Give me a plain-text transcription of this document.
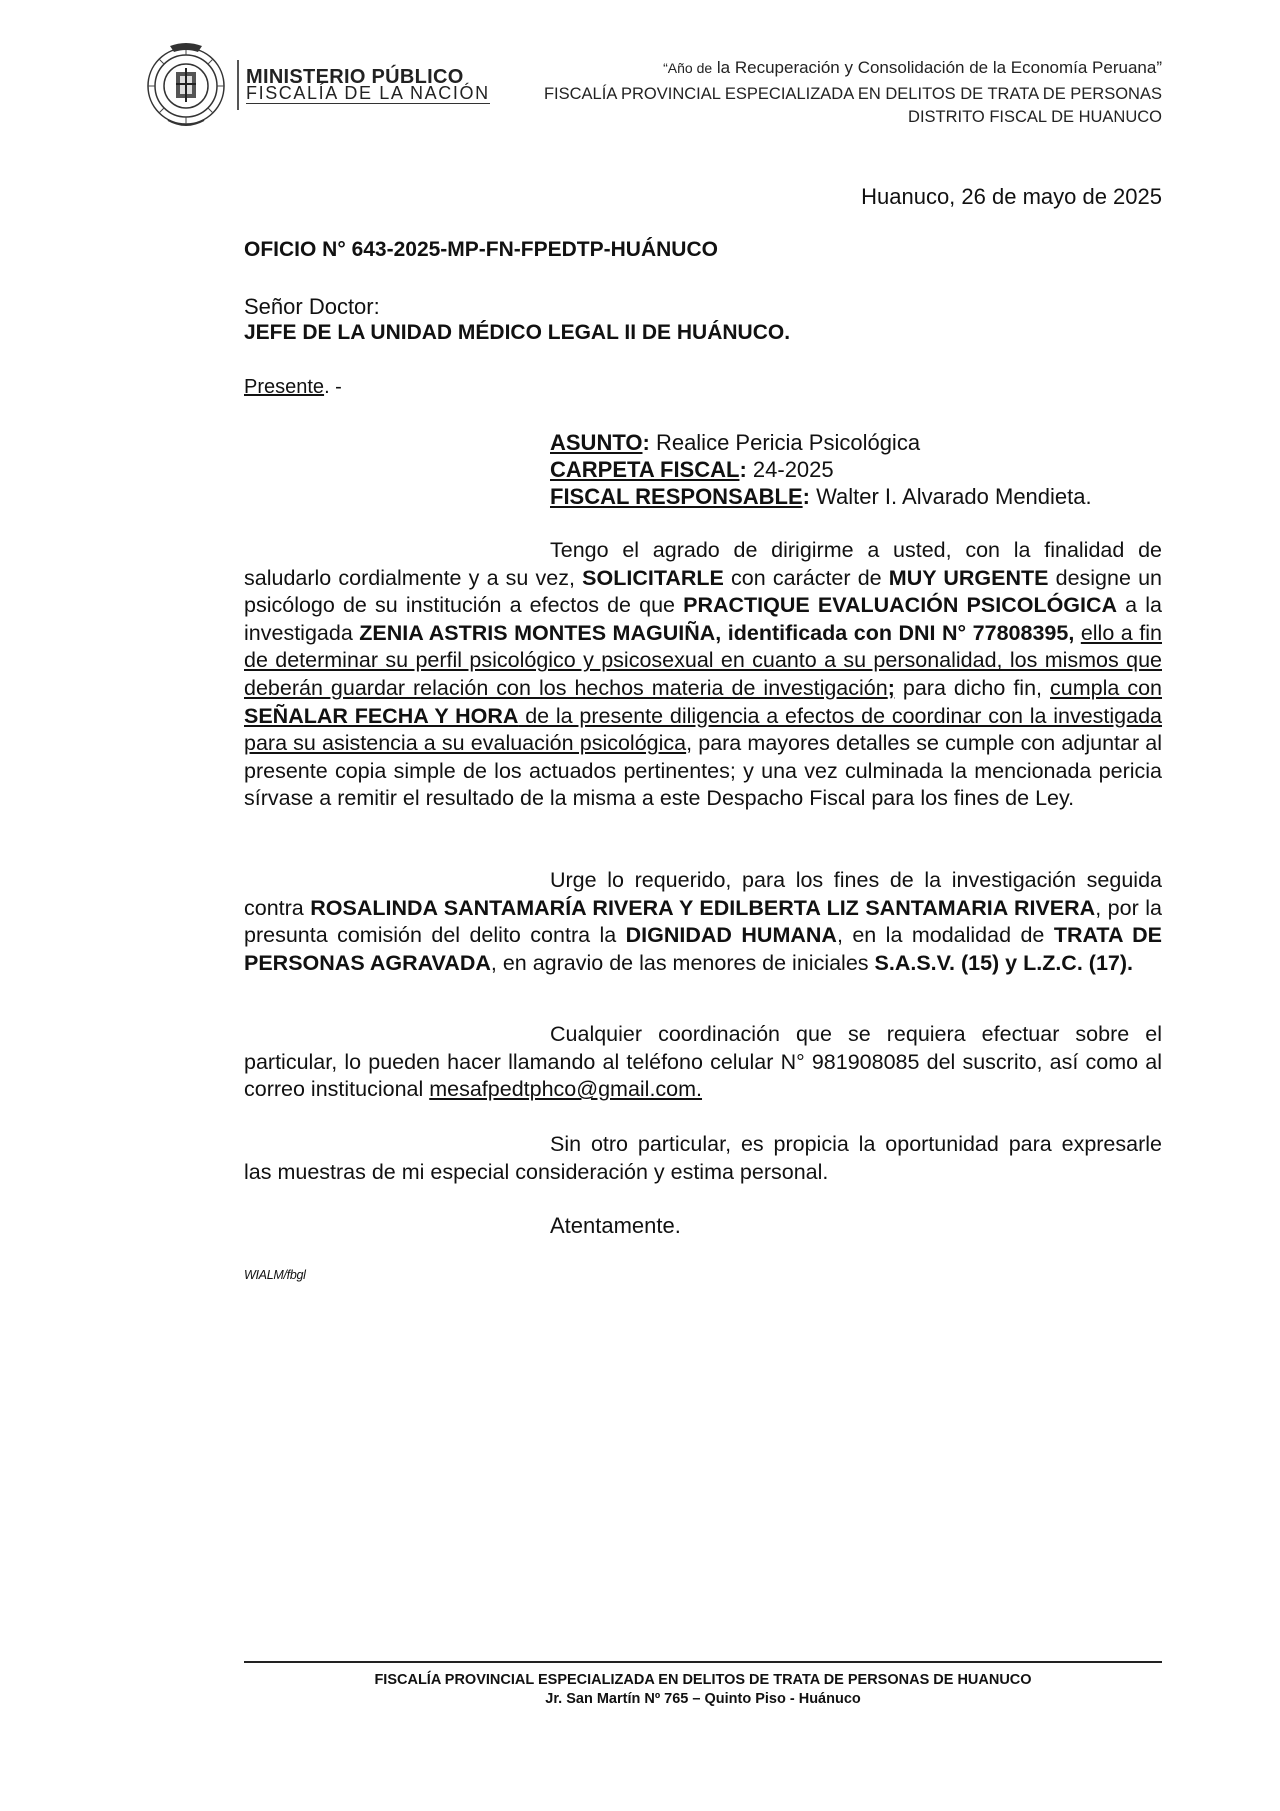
MINISTERIO PÚBLICO
FISCALÍA DE LA NACIÓN
“Año de la Recuperación y Consolidación de la Economía Peruana”
FISCALÍA PROVINCIAL ESPECIALIZADA EN DELITOS DE TRATA DE PERSONAS
DISTRITO FISCAL DE HUANUCO
Huanuco, 26 de mayo de 2025
OFICIO N° 643-2025-MP-FN-FPEDTP-HUÁNUCO
Señor Doctor:
JEFE DE LA UNIDAD MÉDICO LEGAL II DE HUÁNUCO.
Presente. -
ASUNTO: Realice Pericia Psicológica
CARPETA FISCAL: 24-2025
FISCAL RESPONSABLE: Walter I. Alvarado Mendieta.
Tengo el agrado de dirigirme a usted, con la finalidad de saludarlo cordialmente y a su vez, SOLICITARLE con carácter de MUY URGENTE designe un psicólogo de su institución a efectos de que PRACTIQUE EVALUACIÓN PSICOLÓGICA a la investigada ZENIA ASTRIS MONTES MAGUIÑA, identificada con DNI N° 77808395, ello a fin de determinar su perfil psicológico y psicosexual en cuanto a su personalidad, los mismos que deberán guardar relación con los hechos materia de investigación; para dicho fin, cumpla con SEÑALAR FECHA Y HORA de la presente diligencia a efectos de coordinar con la investigada para su asistencia a su evaluación psicológica, para mayores detalles se cumple con adjuntar al presente copia simple de los actuados pertinentes; y una vez culminada la mencionada pericia sírvase a remitir el resultado de la misma a este Despacho Fiscal para los fines de Ley.
Urge lo requerido, para los fines de la investigación seguida contra ROSALINDA SANTAMARÍA RIVERA Y EDILBERTA LIZ SANTAMARIA RIVERA, por la presunta comisión del delito contra la DIGNIDAD HUMANA, en la modalidad de TRATA DE PERSONAS AGRAVADA, en agravio de las menores de iniciales S.A.S.V. (15) y L.Z.C. (17).
Cualquier coordinación que se requiera efectuar sobre el particular, lo pueden hacer llamando al teléfono celular N° 981908085 del suscrito, así como al correo institucional mesafpedtphco@gmail.com.
Sin otro particular, es propicia la oportunidad para expresarle las muestras de mi especial consideración y estima personal.
Atentamente.
WIALM/fbgl
FISCALÍA PROVINCIAL ESPECIALIZADA EN DELITOS DE TRATA DE PERSONAS DE HUANUCO
Jr. San Martín Nº 765 – Quinto Piso - Huánuco
